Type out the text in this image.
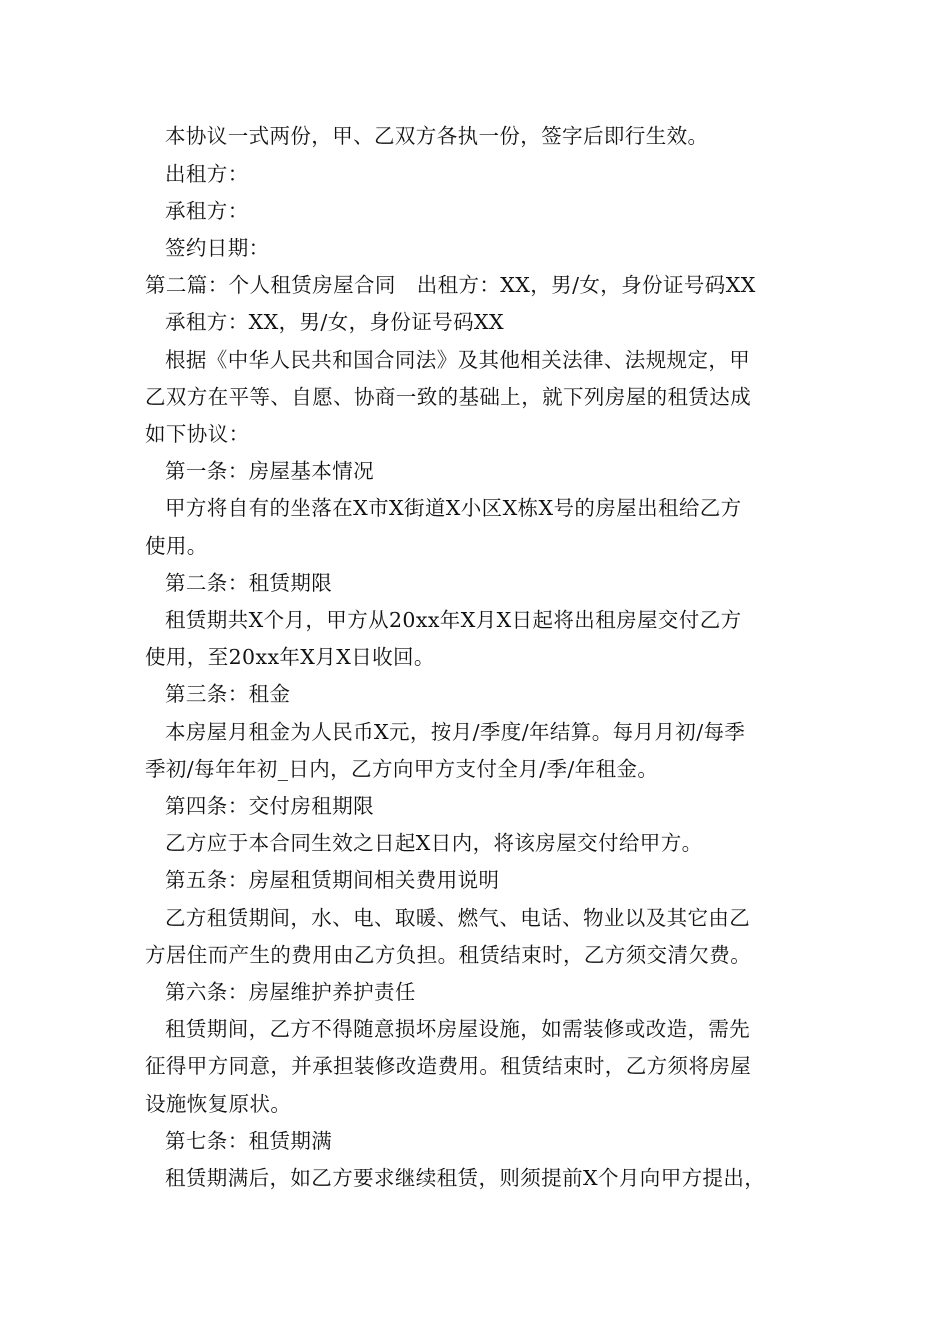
本协议一式两份，甲、乙双方各执一份，签字后即行生效。
出租方：
承租方：
签约日期：
第二篇：个人租赁房屋合同　出租方：XX，男/女，身份证号码XX
承租方：XX，男/女，身份证号码XX
根据《中华人民共和国合同法》及其他相关法律、法规规定，甲
乙双方在平等、自愿、协商一致的基础上，就下列房屋的租赁达成
如下协议：
第一条：房屋基本情况
甲方将自有的坐落在X市X街道X小区X栋X号的房屋出租给乙方
使用。
第二条：租赁期限
租赁期共X个月，甲方从20xx年X月X日起将出租房屋交付乙方
使用，至20xx年X月X日收回。
第三条：租金
本房屋月租金为人民币X元，按月/季度/年结算。每月月初/每季
季初/每年年初_日内，乙方向甲方支付全月/季/年租金。
第四条：交付房租期限
乙方应于本合同生效之日起X日内，将该房屋交付给甲方。
第五条：房屋租赁期间相关费用说明
乙方租赁期间，水、电、取暖、燃气、电话、物业以及其它由乙
方居住而产生的费用由乙方负担。租赁结束时，乙方须交清欠费。
第六条：房屋维护养护责任
租赁期间，乙方不得随意损坏房屋设施，如需装修或改造，需先
征得甲方同意，并承担装修改造费用。租赁结束时，乙方须将房屋
设施恢复原状。
第七条：租赁期满
租赁期满后，如乙方要求继续租赁，则须提前X个月向甲方提出，
